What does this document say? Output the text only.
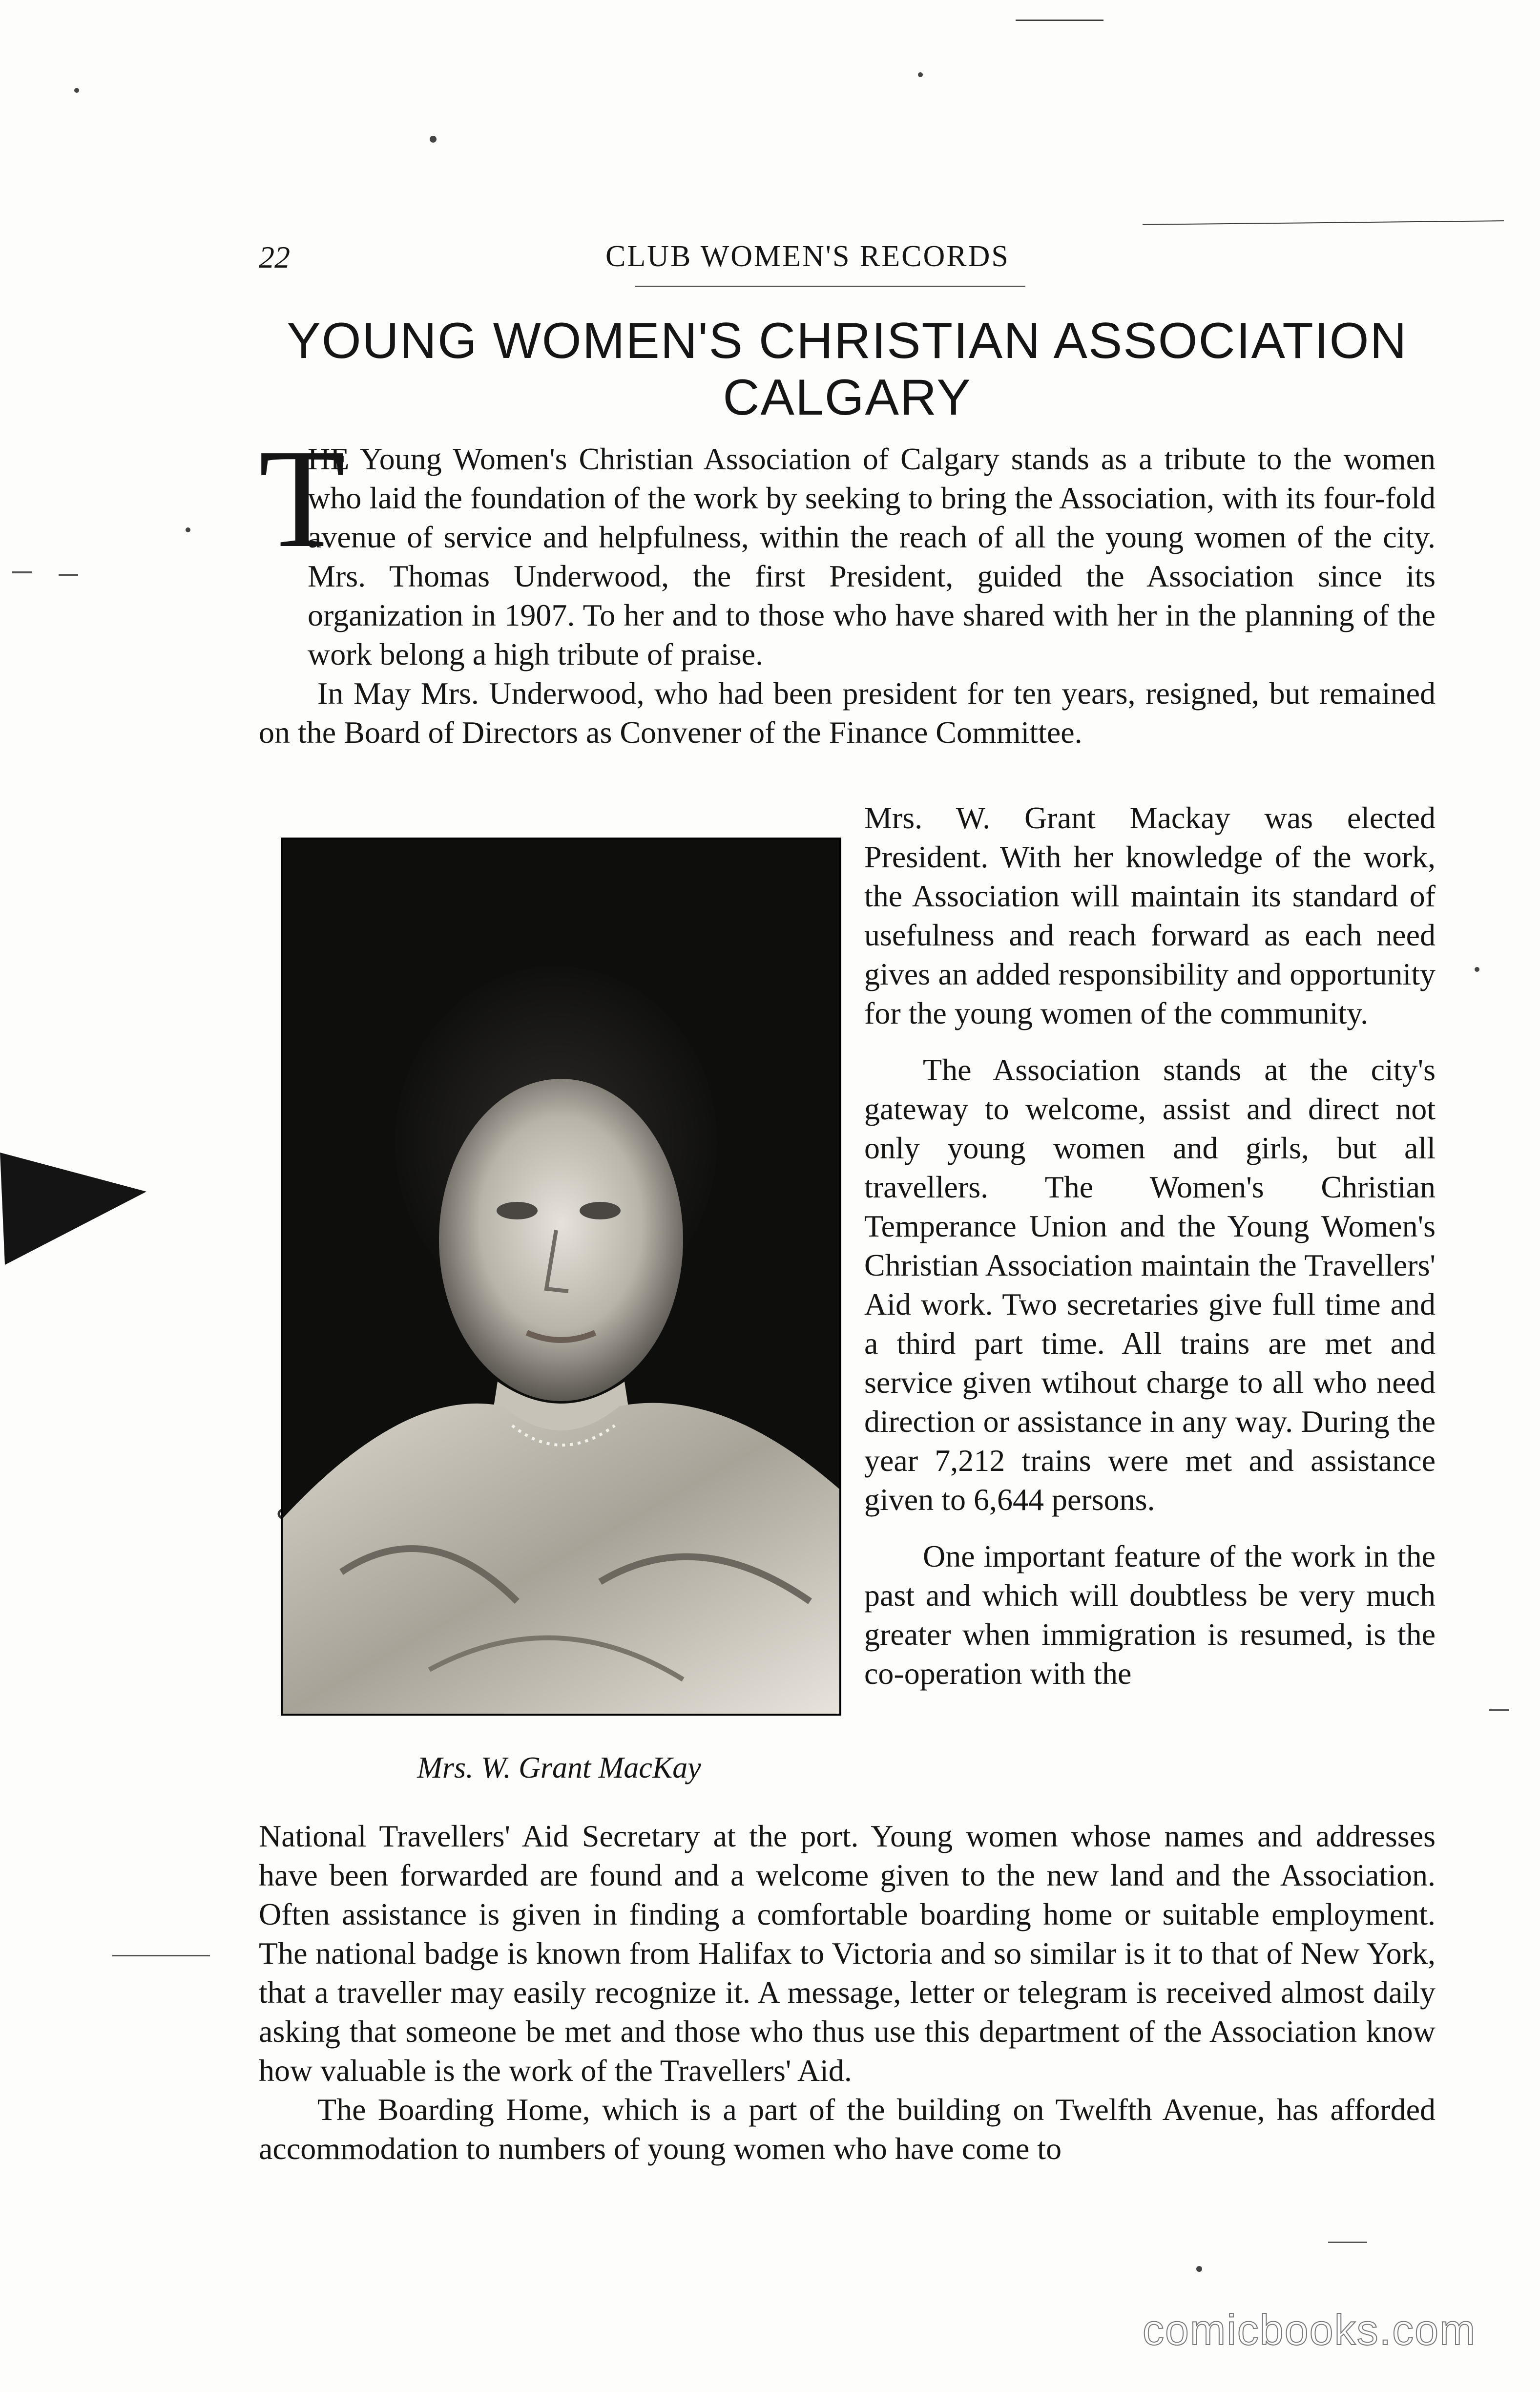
22	CLUB WOMEN'S RECORDS
YOUNG WOMEN'S CHRISTIAN ASSOCIATION
CALGARY
T

HE Young Women's Christian Association of Calgary stands as a tribute to the women who laid the foundation of the work by seeking to bring the Association, with its four-fold avenue of service and helpfulness, within the reach of all the young women of the city. Mrs. Thomas Underwood, the first President, guided the Association since its organization in 1907. To her and to those who have shared with her in the planning of the work belong a high tribute of praise.

In May Mrs. Underwood, who had been president for ten years, resigned, but remained on the Board of Directors as Convener of the Finance Committee.

Mrs. W. Grant MacKay

Mrs. W. Grant Mackay was elected President. With her knowledge of the work, the Association will maintain its standard of usefulness and reach forward as each need gives an added responsibility and opportunity for the young women of the community.

The Association stands at the city's gateway to welcome, assist and direct not only young women and girls, but all travellers. The Women's Christian Temperance Union and the Young Women's Christian Association maintain the Travellers' Aid work. Two secretaries give full time and a third part time. All trains are met and service given wtihout charge to all who need direction or assistance in any way. During the year 7,212 trains were met and assistance given to 6,644 persons.

One important feature of the work in the past and which will doubtless be very much greater when immigration is resumed, is the co-operation with the

National Travellers' Aid Secretary at the port. Young women whose names and addresses have been forwarded are found and a welcome given to the new land and the Association. Often assistance is given in finding a comfortable boarding home or suitable employment. The national badge is known from Halifax to Victoria and so similar is it to that of New York, that a traveller may easily recognize it. A message, letter or telegram is received almost daily asking that someone be met and those who thus use this department of the Association know how valuable is the work of the Travellers' Aid.

The Boarding Home, which is a part of the building on Twelfth Avenue, has afforded accommodation to numbers of young women who have come to

comicbooks.com
